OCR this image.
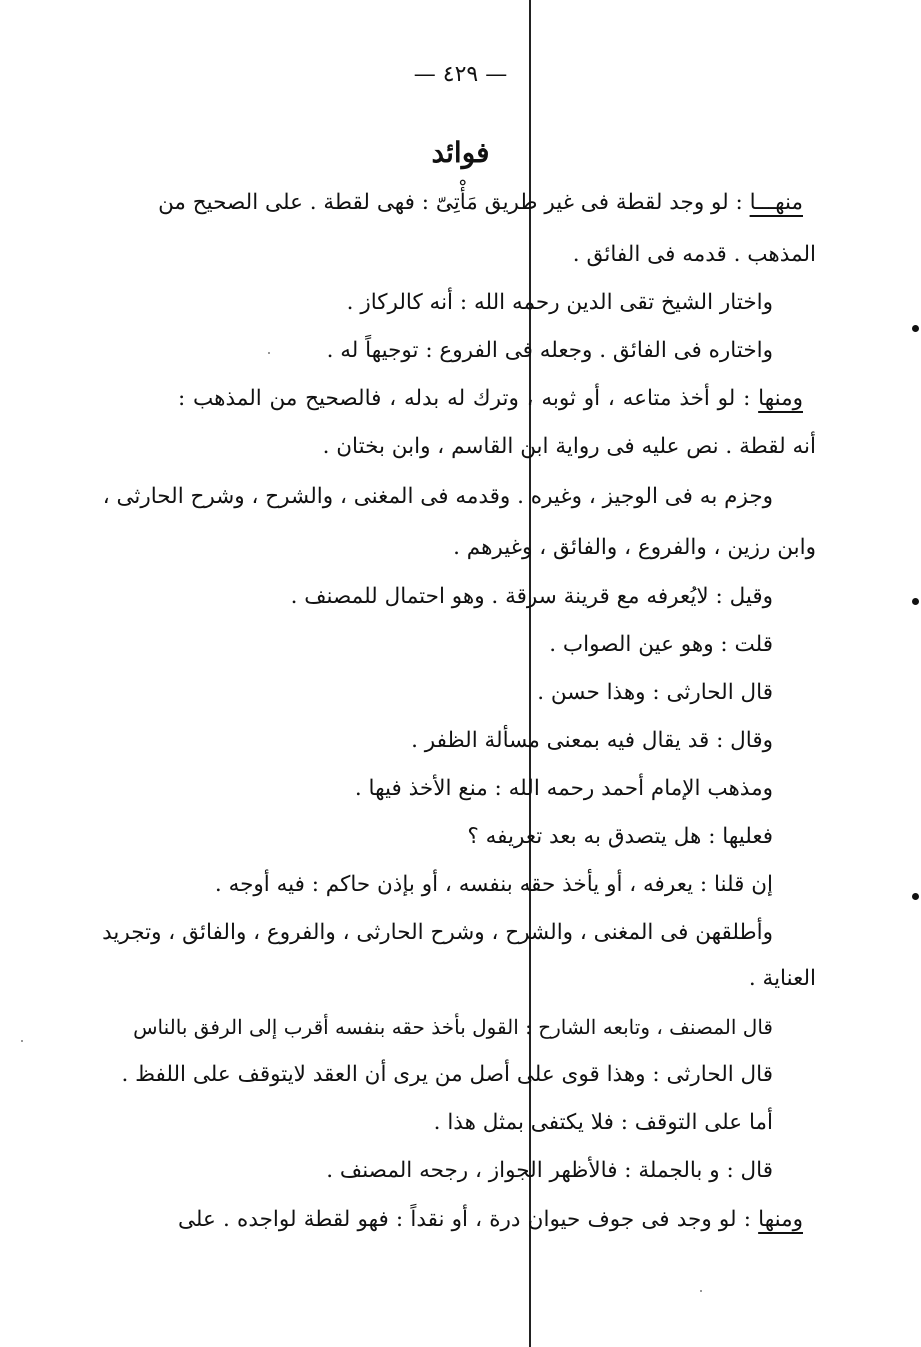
— ٤٢٩ —
فوائد
منهـــا : لو وجد لقطة فى غير طريق مَأْتِىّ : فهى لقطة . على الصحيح من
المذهب . قدمه فى الفائق .
واختار الشيخ تقى الدين رحمه الله : أنه كالركاز .
واختاره فى الفائق . وجعله فى الفروع : توجيهاً له .
ومنها : لو أخذ متاعه ، أو ثوبه ، وترك له بدله ، فالصحيح من المذهب :
أنه لقطة . نص عليه فى رواية ابن القاسم ، وابن بختان .
وجزم به فى الوجيز ، وغيره . وقدمه فى المغنى ، والشرح ، وشرح الحارثى ،
وابن رزين ، والفروع ، والفائق ، وغيرهم .
وقيل : لايُعرفه مع قرينة سرقة . وهو احتمال للمصنف .
قلت : وهو عين الصواب .
قال الحارثى : وهذا حسن .
وقال : قد يقال فيه بمعنى مسألة الظفر .
ومذهب الإمام أحمد رحمه الله : منع الأخذ فيها .
فعليها : هل يتصدق به بعد تعريفه ؟
إن قلنا : يعرفه ، أو يأخذ حقه بنفسه ، أو بإذن حاكم : فيه أوجه .
وأطلقهن فى المغنى ، والشرح ، وشرح الحارثى ، والفروع ، والفائق ، وتجريد
العناية .
قال المصنف ، وتابعه الشارح : القول بأخذ حقه بنفسه أقرب إلى الرفق بالناس
قال الحارثى : وهذا قوى على أصل من يرى أن العقد لايتوقف على اللفظ .
أما على التوقف : فلا يكتفى بمثل هذا .
قال : و بالجملة : فالأظهر الجواز ، رجحه المصنف .
ومنها : لو وجد فى جوف حيوان درة ، أو نقداً : فهو لقطة لواجده . على
